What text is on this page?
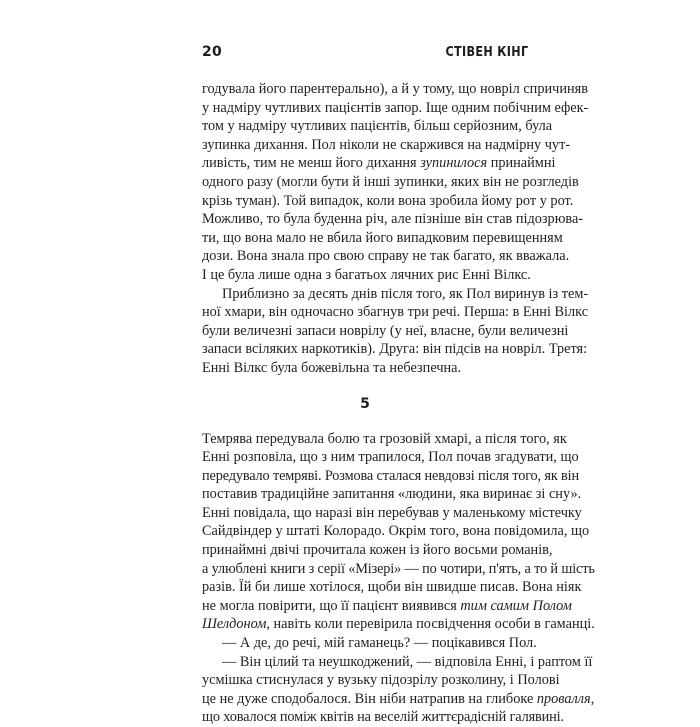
20	СТІВЕН КІНГ
годувала його парентерально), а й у тому, що новріл спричиняв
у надміру чутливих пацієнтів запор. Іще одним побічним ефек-
том у надміру чутливих пацієнтів, більш серйозним, була
зупинка дихання. Пол ніколи не скаржився на надмірну чут-
ливість, тим не менш його дихання зупинилося принаймні
одного разу (могли бути й інші зупинки, яких він не розгледів
крізь туман). Той випадок, коли вона зробила йому рот у рот.
Можливо, то була буденна річ, але пізніше він став підозрюва-
ти, що вона мало не вбила його випадковим перевищенням
дози. Вона знала про свою справу не так багато, як вважала.
І це була лише одна з багатьох лячних рис Енні Вілкс.
Приблизно за десять днів після того, як Пол виринув із тем-
ної хмари, він одночасно збагнув три речі. Перша: в Енні Вілкс
були величезні запаси новрілу (у неї, власне, були величезні
запаси всіляких наркотиків). Друга: він підсів на новріл. Третя:
Енні Вілкс була божевільна та небезпечна.
5
Темрява передувала болю та грозовій хмарі, а після того, як
Енні розповіла, що з ним трапилося, Пол почав згадувати, що
передувало темряві. Розмова сталася невдовзі після того, як він
поставив традиційне запитання «людини, яка виринає зі сну».
Енні повідала, що наразі він перебував у маленькому містечку
Сайдвіндер у штаті Колорадо. Окрім того, вона повідомила, що
принаймні двічі прочитала кожен із його восьми романів,
а улюблені книги з серії «Мізері» — по чотири, п'ять, а то й шість
разів. Їй би лише хотілося, щоби він швидше писав. Вона ніяк
не могла повірити, що її пацієнт виявився тим самим Полом
Шелдоном, навіть коли перевірила посвідчення особи в гаманці.
— А де, до речі, мій гаманець? — поцікавився Пол.
— Він цілий та неушкоджений, — відповіла Енні, і раптом її
усмішка стиснулася у вузьку підозрілу розколину, і Полові
це не дуже сподобалося. Він ніби натрапив на глибоке провалля,
що ховалося поміж квітів на веселій життєрадісній галявині.
